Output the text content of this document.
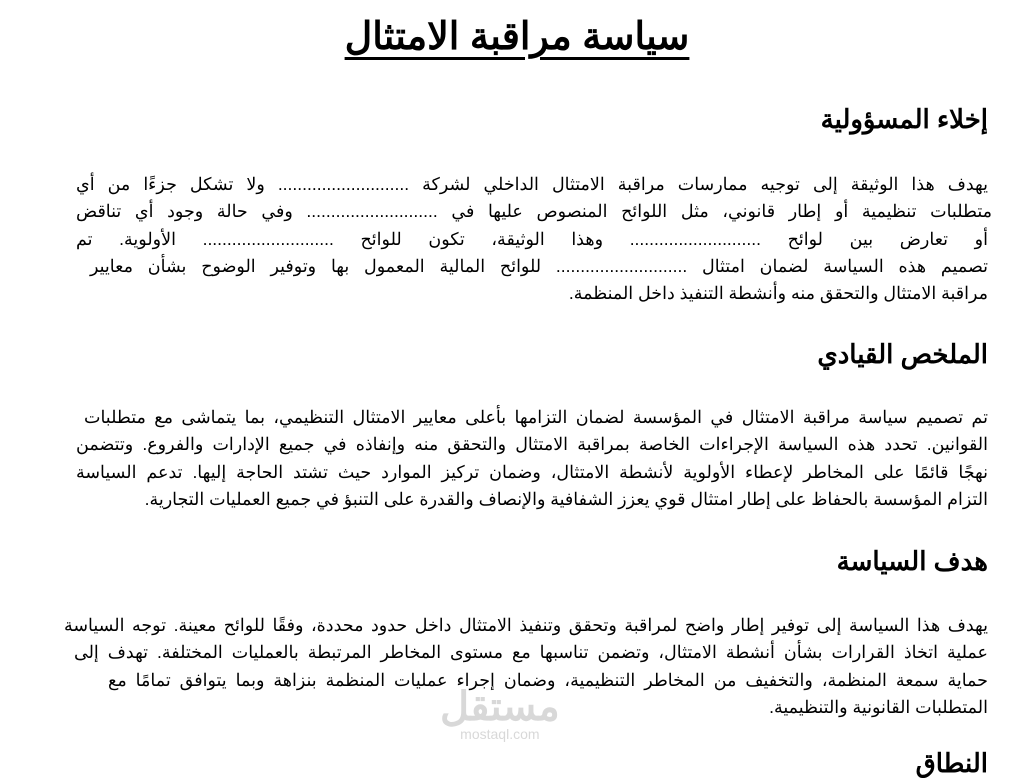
سياسة مراقبة الامتثال
إخلاء المسؤولية
يهدف هذا الوثيقة إلى توجيه ممارسات مراقبة الامتثال الداخلي لشركة ........................... ولا تشكل جزءًا من أي
متطلبات تنظيمية أو إطار قانوني، مثل اللوائح المنصوص عليها في ........................... وفي حالة وجود أي تناقض
أو تعارض بين لوائح ........................... وهذا الوثيقة، تكون للوائح ........................... الأولوية. تم
تصميم هذه السياسة لضمان امتثال ........................... للوائح المالية المعمول بها وتوفير الوضوح بشأن معايير
مراقبة الامتثال والتحقق منه وأنشطة التنفيذ داخل المنظمة.
الملخص القيادي
تم تصميم سياسة مراقبة الامتثال في المؤسسة لضمان التزامها بأعلى معايير الامتثال التنظيمي، بما يتماشى مع متطلبات
القوانين. تحدد هذه السياسة الإجراءات الخاصة بمراقبة الامتثال والتحقق منه وإنفاذه في جميع الإدارات والفروع. وتتضمن
نهجًا قائمًا على المخاطر لإعطاء الأولوية لأنشطة الامتثال، وضمان تركيز الموارد حيث تشتد الحاجة إليها. تدعم السياسة
التزام المؤسسة بالحفاظ على إطار امتثال قوي يعزز الشفافية والإنصاف والقدرة على التنبؤ في جميع العمليات التجارية.
هدف السياسة
يهدف هذا السياسة إلى توفير إطار واضح لمراقبة وتحقق وتنفيذ الامتثال داخل حدود محددة، وفقًا للوائح معينة. توجه السياسة
عملية اتخاذ القرارات بشأن أنشطة الامتثال، وتضمن تناسبها مع مستوى المخاطر المرتبطة بالعمليات المختلفة. تهدف إلى
حماية سمعة المنظمة، والتخفيف من المخاطر التنظيمية، وضمان إجراء عمليات المنظمة بنزاهة وبما يتوافق تمامًا مع
المتطلبات القانونية والتنظيمية.
مستقل
mostaql.com
النطاق
